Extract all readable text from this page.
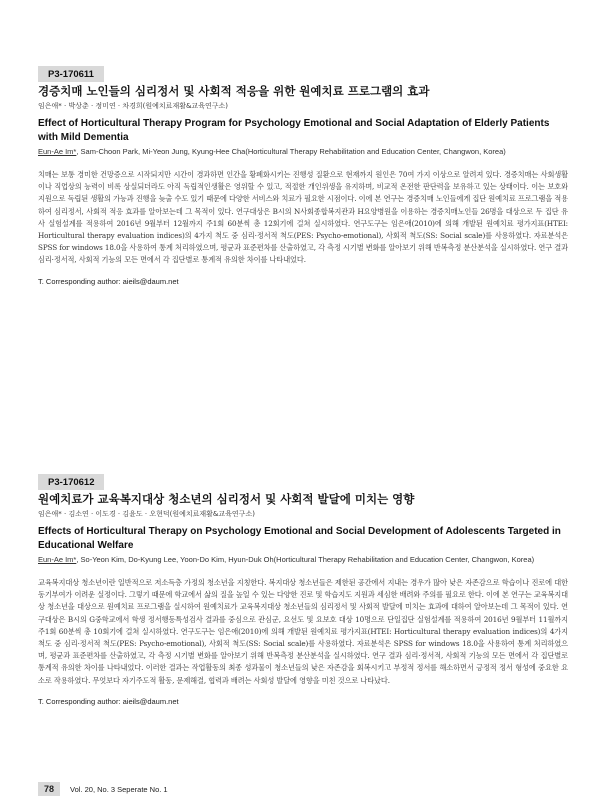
P3-170611
경증치매 노인들의 심리정서 및 사회적 적응을 위한 원예치료 프로그램의 효과
임은애* · 박상춘 · 정미연 · 차경희(원예치료재활&교육연구소)
Effect of Horticultural Therapy Program for Psychology Emotional and Social Adaptation of Elderly Patients with Mild Dementia
Eun-Ae Im*, Sam-Choon Park, Mi-Yeon Jung, Kyung-Hee Cha(Horticultural Therapy Rehabilitation and Education Center, Changwon, Korea)
치매는 보통 경미한 건망증으로 시작되지만 시간이 경과하면 인간을 황폐화시키는 진행성 질환으로 현재까지 원인은 70여 가지 이상으로 알려져 있다. 경증치매는 사회생활이나 직업상의 능력이 비록 상실되더라도 아직 독립적인생활은 영위할 수 있고, 적절한 개인위생을 유지하며, 비교적 온전한 판단력을 보유하고 있는 상태이다. 이는 보호와 지원으로 독립된 생활의 가능과 진행을 늦출 수도 있기 때문에 다양한 서비스와 치료가 필요한 시점이다. 이에 본 연구는 경증치매 노인들에게 집단 원예치료 프로그램을 적용하여 심리정서, 사회적 적응 효과를 알아보는데 그 목적이 있다. 연구대상은 B시의 N사회종합복지관과 H요양병원을 이용하는 경증치매노인들 26명을 대상으로 두 집단 유사 실험설계를 적용하여 2016년 9월부터 12월까지 주1회 60분씩 총 12회기에 걸쳐 실시하였다. 연구도구는 임은애(2010)에 의해 개발된 원예치료 평가지표(HTEI: Horticultural therapy evaluation indices)의 4가지 척도 중 심리·정서적 척도(PES: Psycho-emotional), 사회적 척도(SS: Social scale)를 사용하였다. 자료분석은 SPSS for windows 18.0을 사용하여 통계 처리하였으며, 평균과 표준편차를 산출하였고, 각 측정 시기별 변화를 알아보기 위해 반복측정 분산분석을 실시하였다. 연구 결과 심리·정서적, 사회적 기능의 모든 면에서 각 집단별로 통계적 유의한 차이를 나타내었다.
T. Corresponding author: aieils@daum.net
P3-170612
원예치료가 교육복지대상 청소년의 심리정서 및 사회적 발달에 미치는 영향
임은애* · 김소연 · 이도경 · 김윤도 · 오현덕(원예치료재활&교육연구소)
Effects of Horticultural Therapy on Psychology Emotional and Social Development of Adolescents Targeted in Educational Welfare
Eun-Ae Im*, So-Yeon Kim, Do-Kyung Lee, Yoon-Do Kim, Hyun-Duk Oh(Horticultural Therapy Rehabilitation and Education Center, Changwon, Korea)
교육복지대상 청소년이란 일반적으로 저소득층 가정의 청소년을 지칭한다. 복지대상 청소년들은 제한된 공간에서 지내는 경우가 많아 낮은 자존감으로 학습이나 진로에 대한 동기부여가 이려운 실정이다. 그렇기 때문에 학교에서 삶의 질을 높일 수 있는 다양한 진로 및 학습지도 지원과 세심한 배려와 주의를 필요로 한다. 이에 본 연구는 교육복지대상 청소년을 대상으로 원예치료 프로그램을 실시하여 원예치료가 교육복지대상 청소년들의 심리정서 및 사회적 발달에 미치는 효과에 대하여 알아보는데 그 목적이 있다. 연구대상은 B시의 G중학교에서 학생 정서행동특성검사 결과를 중심으로 관심군, 요선도 및 요보호 대상 10명으로 단일집단 실험설계를 적용하여 2016년 9월부터 11월까지 주1회 60분씩 총 10회기에 걸쳐 실시하였다. 연구도구는 임은애(2010)에 의해 개발된 원예치료 평가지표(HTEI: Horticultural therapy evaluation indices)의 4가지 척도 중 심리·정서적 척도(PES: Psycho-emotional), 사회적 척도(SS: Social scale)를 사용하였다. 자료분석은 SPSS for windows 18.0을 사용하여 통계 처리하였으며, 평균과 표준편차를 산출하였고, 각 측정 시기별 변화를 알아보기 위해 반복측정 분산분석을 실시하였다. 연구 결과 심리·정서적, 사회적 기능의 모든 면에서 각 집단별로 통계적 유의한 차이를 나타내었다. 이러한 결과는 작업활동의 최종 성과물이 청소년들의 낮은 자존감을 회복시키고 부정적 정서를 해소하면서 긍정적 정서 형성에 중요한 요소로 작용하였다. 무엇보다 자기주도적 활동, 문제해결, 협력과 배려는 사회성 발달에 영향을 미친 것으로 나타났다.
T. Corresponding author: aieils@daum.net
78	Vol. 20, No. 3 Seperate No. 1
